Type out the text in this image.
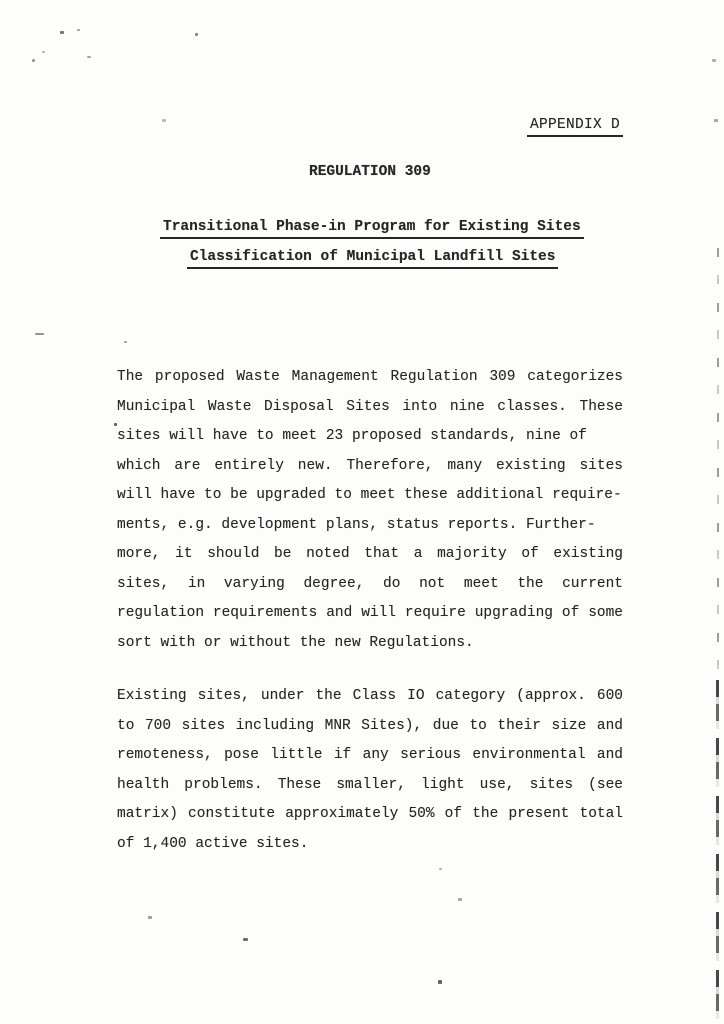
APPENDIX D
REGULATION 309
Transitional Phase-in Program for Existing Sites
Classification of Municipal Landfill Sites
The proposed Waste Management Regulation 309 categorizes
Municipal Waste Disposal Sites into nine classes. These
sites will have to meet 23 proposed standards, nine of
which are entirely new. Therefore, many existing sites
will have to be upgraded to meet these additional require-
ments, e.g. development plans, status reports. Further-
more, it should be noted that a majority of existing
sites, in varying degree, do not meet the current
regulation requirements and will require upgrading of some
sort with or without the new Regulations.
Existing sites, under the Class IO category (approx. 600
to 700 sites including MNR Sites), due to their size and
remoteness, pose little if any serious environmental and
health problems. These smaller, light use, sites (see
matrix) constitute approximately 50% of the present total
of 1,400 active sites.
